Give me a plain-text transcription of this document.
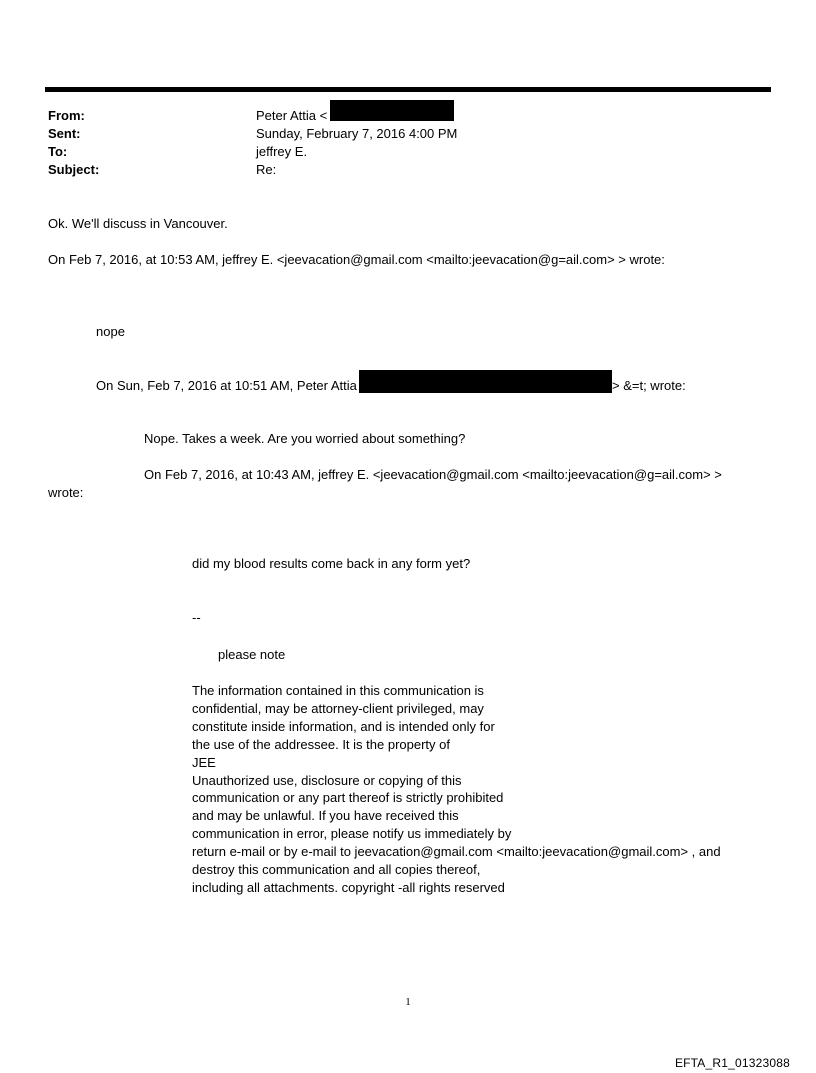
From:	Peter Attia <
Sent:	Sunday, February 7, 2016 4:00 PM
To:	jeffrey E.
Subject:	Re:
Ok. We'll discuss in Vancouver.
On Feb 7, 2016, at 10:53 AM, jeffrey E. <jeevacation@gmail.com <mailto:jeevacation@g=ail.com> > wrote:
nope
On Sun, Feb 7, 2016 at 10:51 AM, Peter Attia	> &=t; wrote:
Nope. Takes a week. Are you worried about something?
On Feb 7, 2016, at 10:43 AM, jeffrey E. <jeevacation@gmail.com <mailto:jeevacation@g=ail.com> >
wrote:
did my blood results come back in any form yet?
--
please note
The information contained in this communication is
confidential, may be attorney-client privileged, may
constitute inside information, and is intended only for
the use of the addressee. It is the property of
JEE
Unauthorized use, disclosure or copying of this
communication or any part thereof is strictly prohibited
and may be unlawful. If you have received this
communication in error, please notify us immediately by
return e-mail or by e-mail to jeevacation@gmail.com <mailto:jeevacation@gmail.com> , and
destroy this communication and all copies thereof,
including all attachments. copyright -all rights reserved
1
EFTA_R1_01323088
